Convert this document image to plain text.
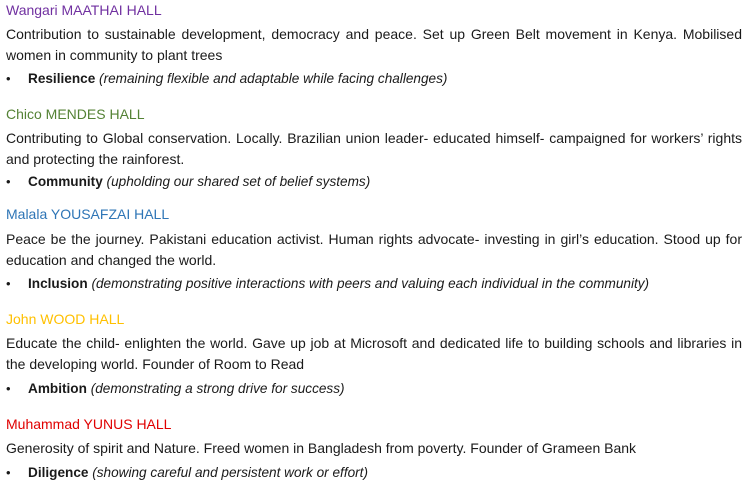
Wangari MAATHAI HALL

Contribution to sustainable development, democracy and peace. Set up Green Belt movement in Kenya. Mobilised women in community to plant trees

• Resilience (remaining flexible and adaptable while facing challenges)
Chico MENDES HALL

Contributing to Global conservation. Locally. Brazilian union leader- educated himself- campaigned for workers’ rights and protecting the rainforest.

• Community (upholding our shared set of belief systems)
Malala YOUSAFZAI HALL

Peace be the journey. Pakistani education activist. Human rights advocate- investing in girl’s education. Stood up for education and changed the world.

• Inclusion (demonstrating positive interactions with peers and valuing each individual in the community)
John WOOD HALL

Educate the child- enlighten the world. Gave up job at Microsoft and dedicated life to building schools and libraries in the developing world. Founder of Room to Read

• Ambition (demonstrating a strong drive for success)
Muhammad YUNUS HALL

Generosity of spirit and Nature. Freed women in Bangladesh from poverty. Founder of Grameen Bank

• Diligence (showing careful and persistent work or effort)
